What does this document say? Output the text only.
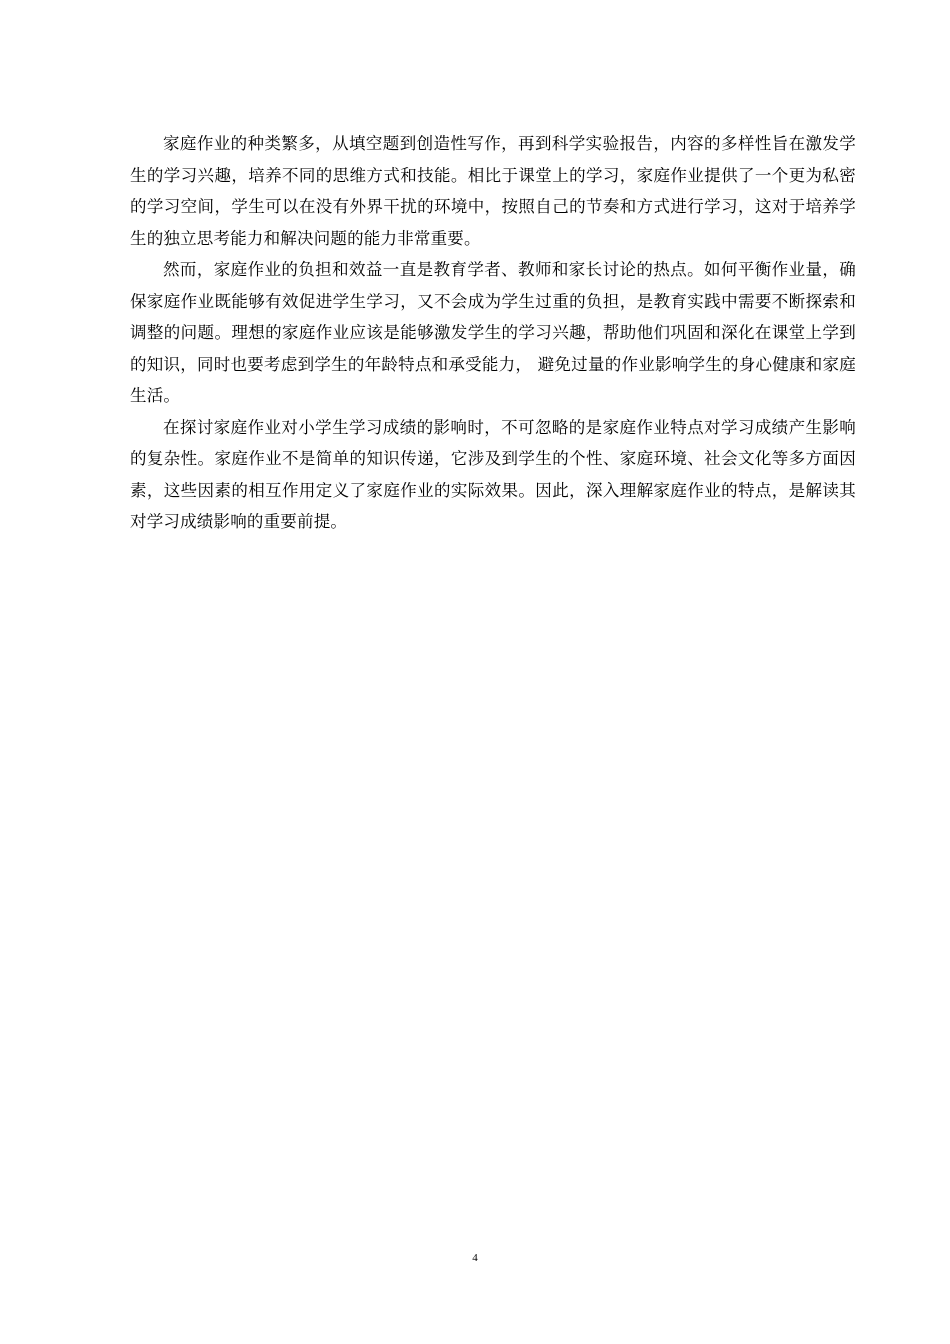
家庭作业的种类繁多，从填空题到创造性写作，再到科学实验报告，内容的多样性旨在激发学生的学习兴趣，培养不同的思维方式和技能。相比于课堂上的学习，家庭作业提供了一个更为私密的学习空间，学生可以在没有外界干扰的环境中，按照自己的节奏和方式进行学习，这对于培养学生的独立思考能力和解决问题的能力非常重要。

然而，家庭作业的负担和效益一直是教育学者、教师和家长讨论的热点。如何平衡作业量，确保家庭作业既能够有效促进学生学习，又不会成为学生过重的负担，是教育实践中需要不断探索和调整的问题。理想的家庭作业应该是能够激发学生的学习兴趣，帮助他们巩固和深化在课堂上学到的知识，同时也要考虑到学生的年龄特点和承受能力， 避免过量的作业影响学生的身心健康和家庭生活。

在探讨家庭作业对小学生学习成绩的影响时，不可忽略的是家庭作业特点对学习成绩产生影响的复杂性。家庭作业不是简单的知识传递，它涉及到学生的个性、家庭环境、社会文化等多方面因素，这些因素的相互作用定义了家庭作业的实际效果。因此，深入理解家庭作业的特点，是解读其对学习成绩影响的重要前提。

4
